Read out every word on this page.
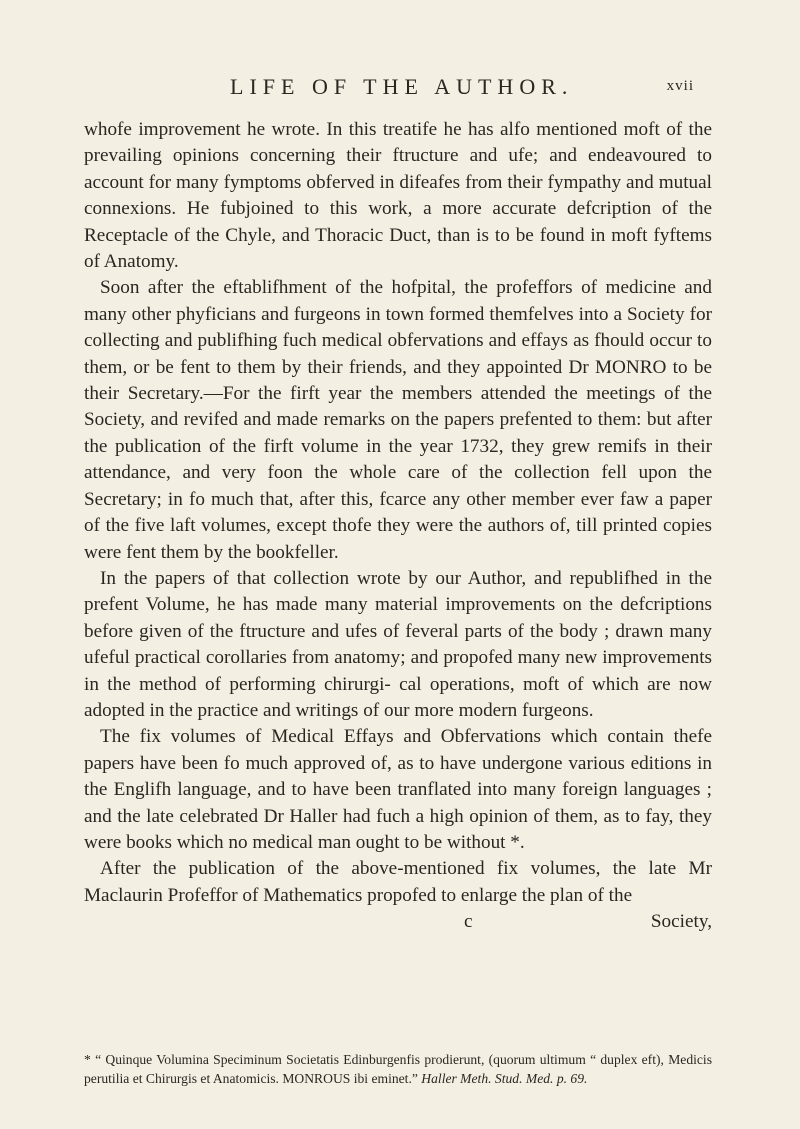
LIFE OF THE AUTHOR.	xvii

whofe improvement he wrote. In this treatife he has alfo mentioned moft of the prevailing opinions concerning their ftructure and ufe; and endeavoured to account for many fymptoms obferved in difeafes from their fympathy and mutual connexions. He fubjoined to this work, a more accurate defcription of the Receptacle of the Chyle, and Thoracic Duct, than is to be found in moft fyftems of Anatomy.

Soon after the eftablifhment of the hofpital, the profeffors of medicine and many other phyficians and furgeons in town formed themfelves into a Society for collecting and publifhing fuch medical obfervations and effays as fhould occur to them, or be fent to them by their friends, and they appointed Dr MONRO to be their Secretary.—For the firft year the members attended the meetings of the Society, and revifed and made remarks on the papers prefented to them: but after the publication of the firft volume in the year 1732, they grew remifs in their attendance, and very foon the whole care of the collection fell upon the Secretary; in fo much that, after this, fcarce any other member ever faw a paper of the five laft volumes, except thofe they were the authors of, till printed copies were fent them by the bookfeller.

In the papers of that collection wrote by our Author, and republifhed in the prefent Volume, he has made many material improvements on the defcriptions before given of the ftructure and ufes of feveral parts of the body ; drawn many ufeful practical corollaries from anatomy; and propofed many new improvements in the method of performing chirurgi- cal operations, moft of which are now adopted in the practice and writings of our more modern furgeons.

The fix volumes of Medical Effays and Obfervations which contain thefe papers have been fo much approved of, as to have undergone various editions in the Englifh language, and to have been tranflated into many foreign languages ; and the late celebrated Dr Haller had fuch a high opinion of them, as to fay, they were books which no medical man ought to be without *.

After the publication of the above-mentioned fix volumes, the late Mr Maclaurin Profeffor of Mathematics propofed to enlarge the plan of the

c	Society,
* “ Quinque Volumina Speciminum Societatis Edinburgenfis prodierunt, (quorum ultimum “ duplex eft), Medicis perutilia et Chirurgis et Anatomicis. MONROUS ibi eminet.” Haller Meth. Stud. Med. p. 69.
